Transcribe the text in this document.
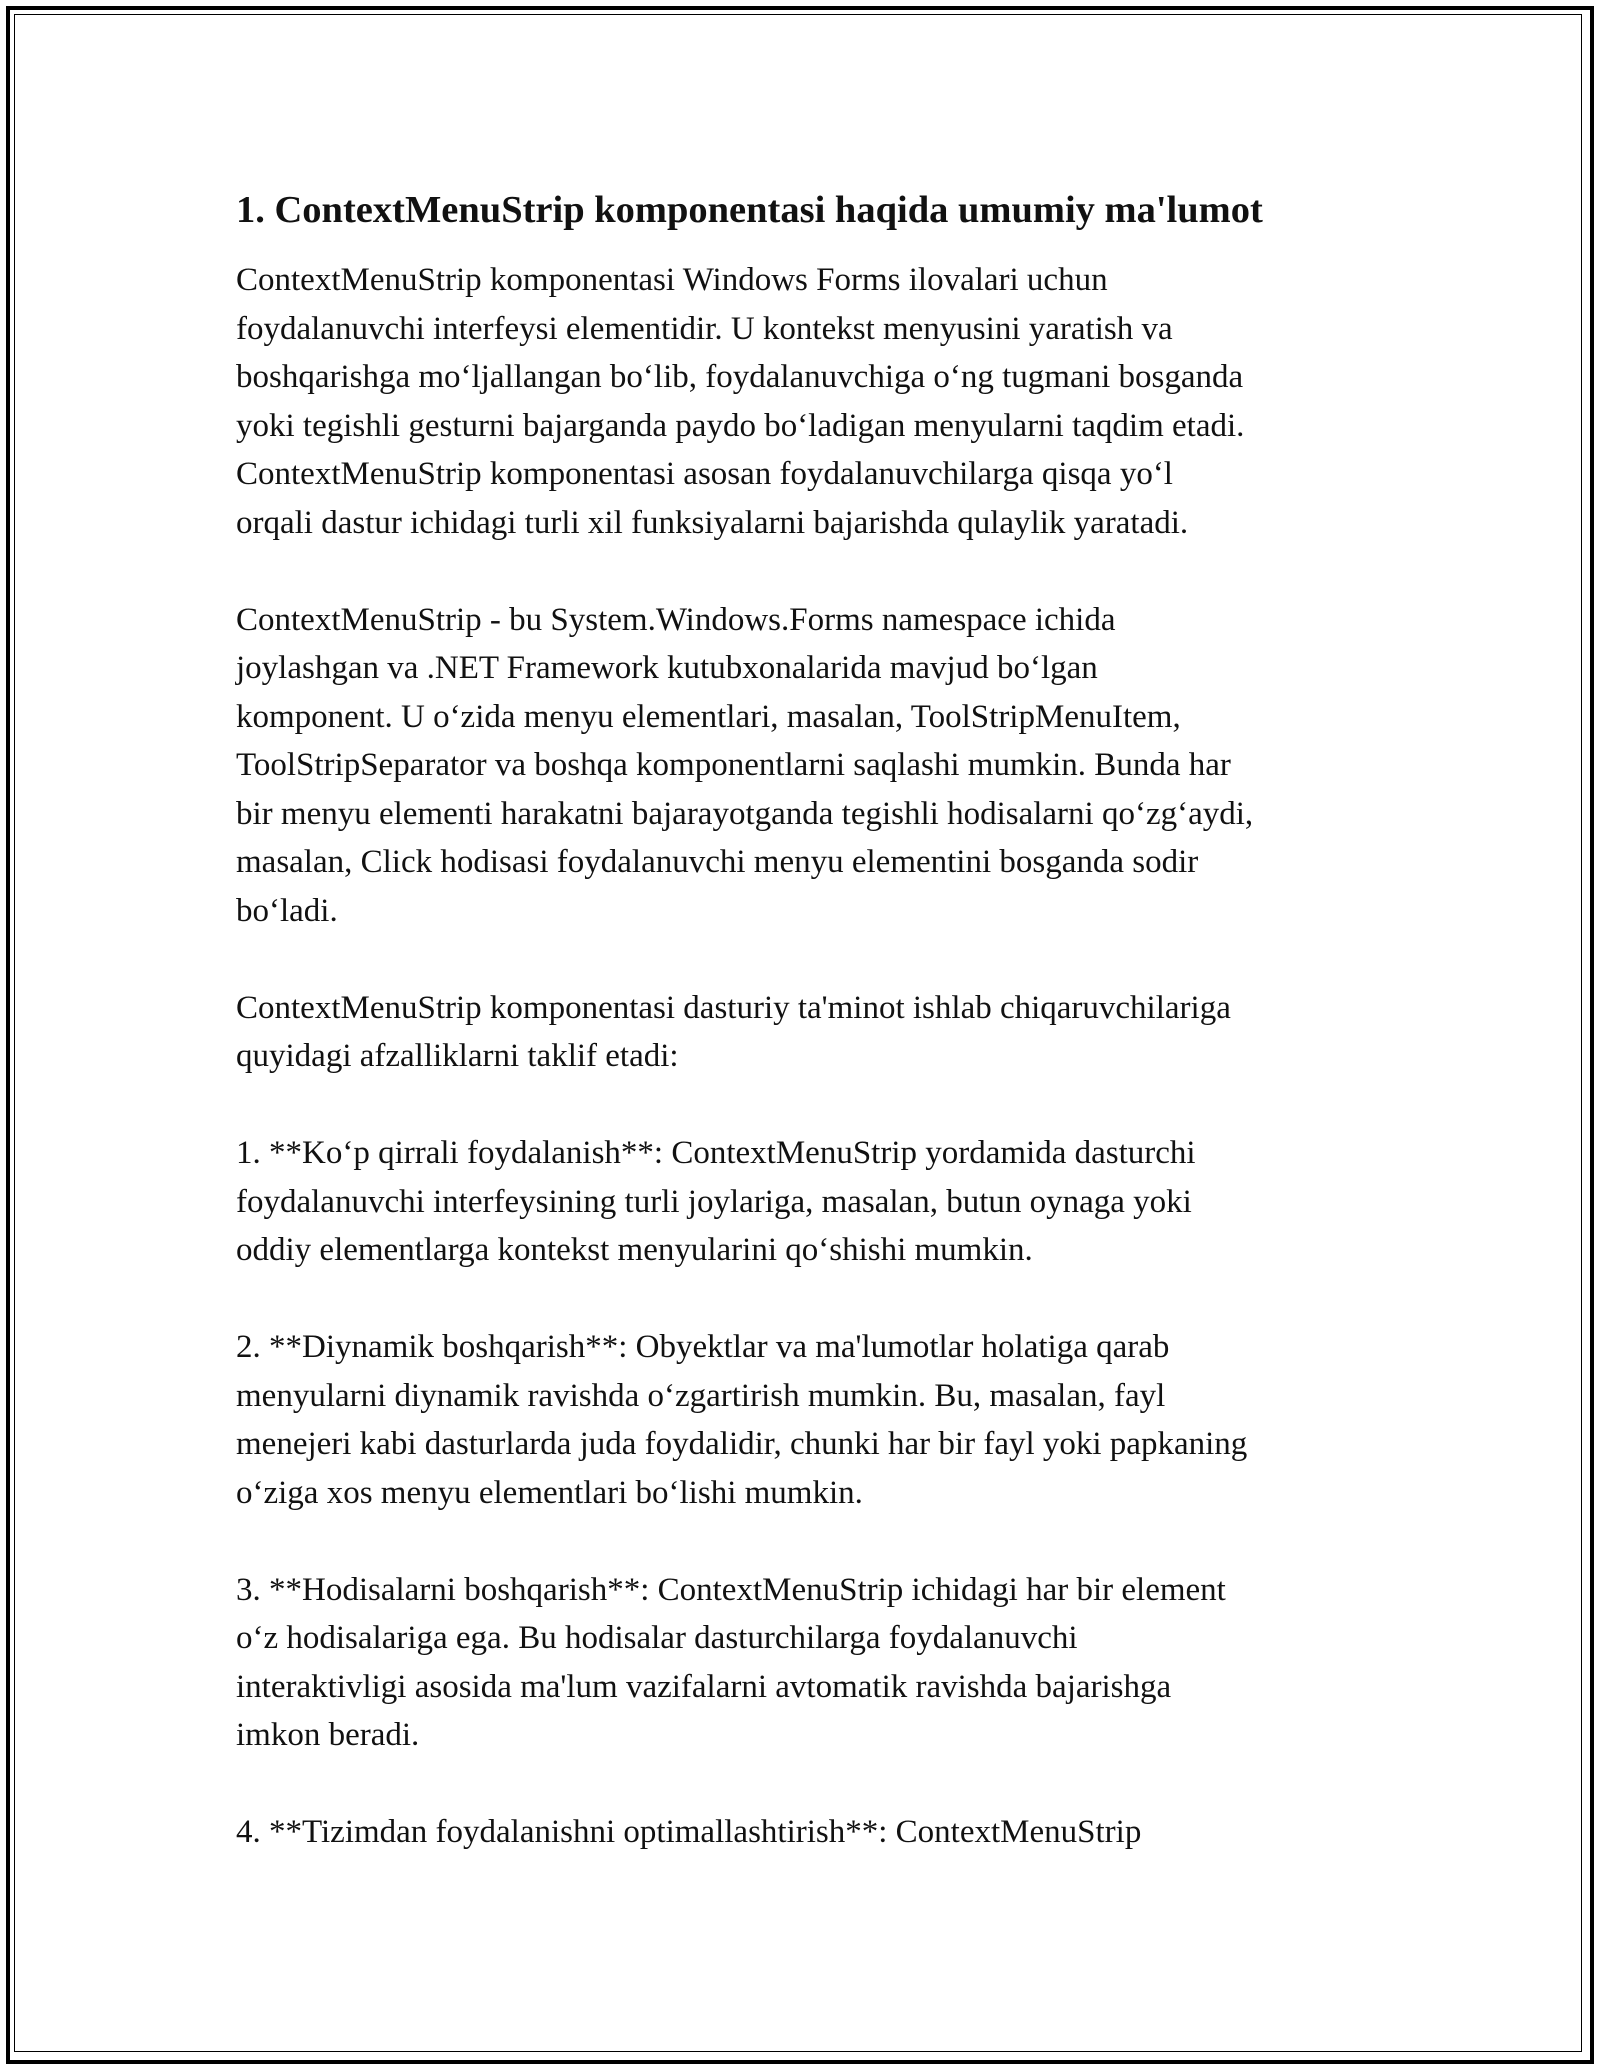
1. ContextMenuStrip komponentasi haqida umumiy ma'lumot

ContextMenuStrip komponentasi Windows Forms ilovalari uchun
foydalanuvchi interfeysi elementidir. U kontekst menyusini yaratish va
boshqarishga moʻljallangan boʻlib, foydalanuvchiga oʻng tugmani bosganda
yoki tegishli gesturni bajarganda paydo boʻladigan menyularni taqdim etadi.
ContextMenuStrip komponentasi asosan foydalanuvchilarga qisqa yoʻl
orqali dastur ichidagi turli xil funksiyalarni bajarishda qulaylik yaratadi.

ContextMenuStrip - bu System.Windows.Forms namespace ichida
joylashgan va .NET Framework kutubxonalarida mavjud boʻlgan
komponent. U oʻzida menyu elementlari, masalan, ToolStripMenuItem,
ToolStripSeparator va boshqa komponentlarni saqlashi mumkin. Bunda har
bir menyu elementi harakatni bajarayotganda tegishli hodisalarni qoʻzgʻaydi,
masalan, Click hodisasi foydalanuvchi menyu elementini bosganda sodir
boʻladi.

ContextMenuStrip komponentasi dasturiy ta'minot ishlab chiqaruvchilariga
quyidagi afzalliklarni taklif etadi:

1. **Koʻp qirrali foydalanish**: ContextMenuStrip yordamida dasturchi
foydalanuvchi interfeysining turli joylariga, masalan, butun oynaga yoki
oddiy elementlarga kontekst menyularini qoʻshishi mumkin.

2. **Diynamik boshqarish**: Obyektlar va ma'lumotlar holatiga qarab
menyularni diynamik ravishda oʻzgartirish mumkin. Bu, masalan, fayl
menejeri kabi dasturlarda juda foydalidir, chunki har bir fayl yoki papkaning
oʻziga xos menyu elementlari boʻlishi mumkin.

3. **Hodisalarni boshqarish**: ContextMenuStrip ichidagi har bir element
oʻz hodisalariga ega. Bu hodisalar dasturchilarga foydalanuvchi
interaktivligi asosida ma'lum vazifalarni avtomatik ravishda bajarishga
imkon beradi.

4. **Tizimdan foydalanishni optimallashtirish**: ContextMenuStrip
